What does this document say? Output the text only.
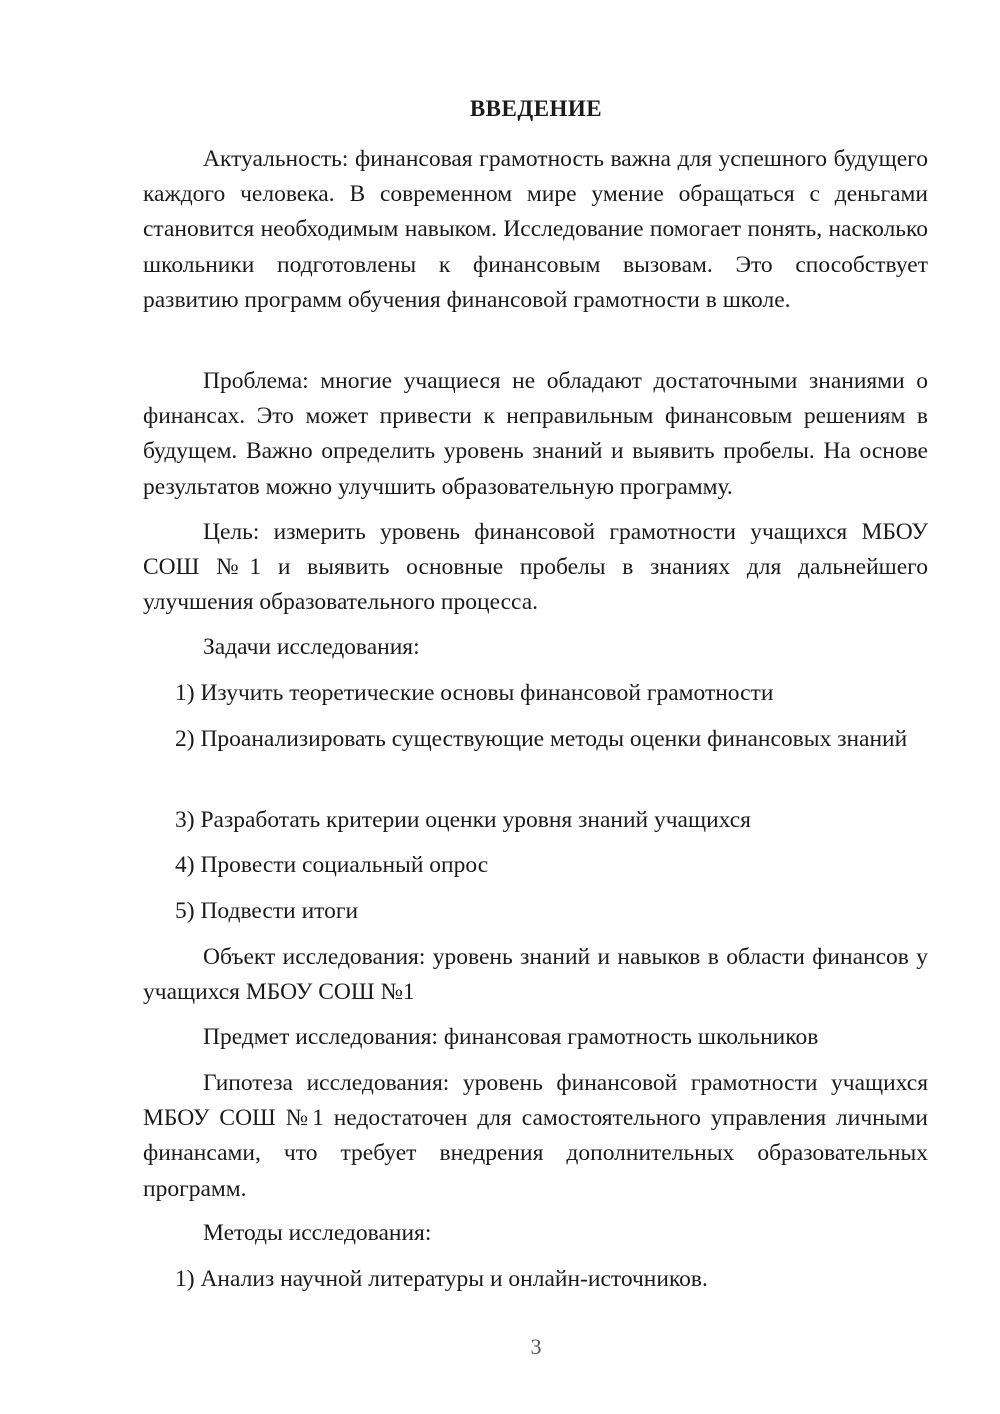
ВВЕДЕНИЕ

Актуальность: финансовая грамотность важна для успешного будущего каждого человека. В современном мире умение обращаться с деньгами становится необходимым навыком. Исследование помогает понять, насколько школьники подготовлены к финансовым вызовам. Это способствует развитию программ обучения финансовой грамотности в школе.

Проблема: многие учащиеся не обладают достаточными знаниями о финансах. Это может привести к неправильным финансовым решениям в будущем. Важно определить уровень знаний и выявить пробелы. На основе результатов можно улучшить образовательную программу.

Цель: измерить уровень финансовой грамотности учащихся МБОУ СОШ №1 и выявить основные пробелы в знаниях для дальнейшего улучшения образовательного процесса.

Задачи исследования:

1) Изучить теоретические основы финансовой грамотности

2) Проанализировать существующие методы оценки финансовых знаний

3) Разработать критерии оценки уровня знаний учащихся

4) Провести социальный опрос

5) Подвести итоги

Объект исследования: уровень знаний и навыков в области финансов у учащихся МБОУ СОШ №1

Предмет исследования: финансовая грамотность школьников

Гипотеза исследования: уровень финансовой грамотности учащихся МБОУ СОШ №1 недостаточен для самостоятельного управления личными финансами, что требует внедрения дополнительных образовательных программ.

Методы исследования:

1) Анализ научной литературы и онлайн-источников.

3
